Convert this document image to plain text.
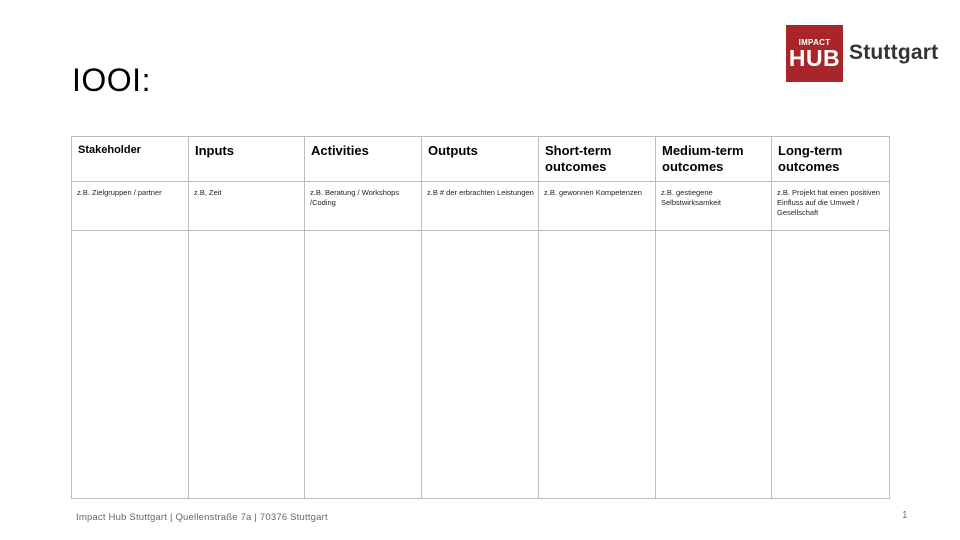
IOOI:
IMPACT
HUB Stuttgart
Stakeholder	Inputs	Activities	Outputs	Short-term outcomes	Medium-term outcomes	Long-term outcomes

z.B. Zielgruppen / partner	z.B, Zeit	z.B. Beratung / Workshops /Coding	z.B # der erbrachten Leistungen	z.B. gewonnen Kompetenzen	z.B. gestiegene Selbstwirksamkeit	z.B. Projekt hat einen positiven Einfluss auf die Umwelt / Gesellschaft

Impact Hub Stuttgart | Quellenstraße 7a | 70376 Stuttgart	1
